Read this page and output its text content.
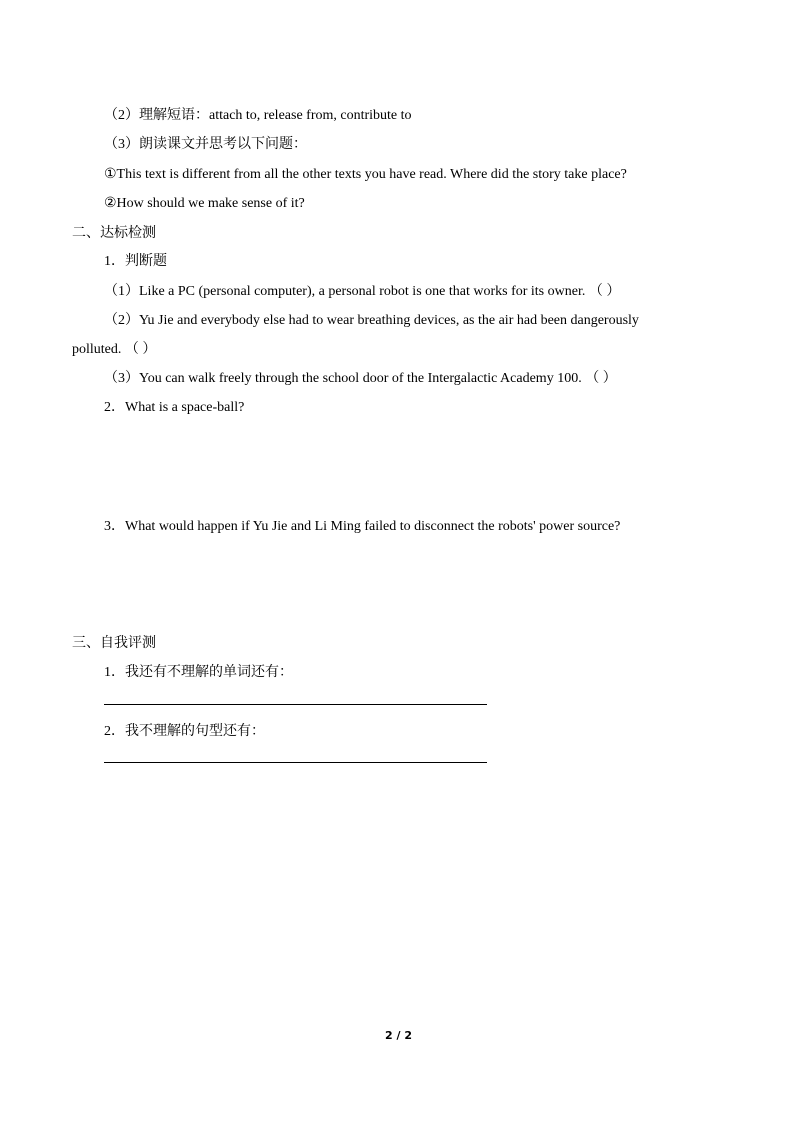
（2）理解短语：attach to, release from, contribute to
（3）朗读课文并思考以下问题：
①This text is different from all the other texts you have read. Where did the story take place?
②How should we make sense of it?
二、达标检测
1．判断题
（1）Like a PC (personal computer), a personal robot is one that works for its owner. （ ）
（2）Yu Jie and everybody else had to wear breathing devices, as the air had been dangerously
polluted. （ ）
（3）You can walk freely through the school door of the Intergalactic Academy 100. （ ）
2．What is a space-ball?
3．What would happen if Yu Jie and Li Ming failed to disconnect the robots' power source?
三、自我评测
1．我还有不理解的单词还有：
2．我不理解的句型还有：
2 / 2
